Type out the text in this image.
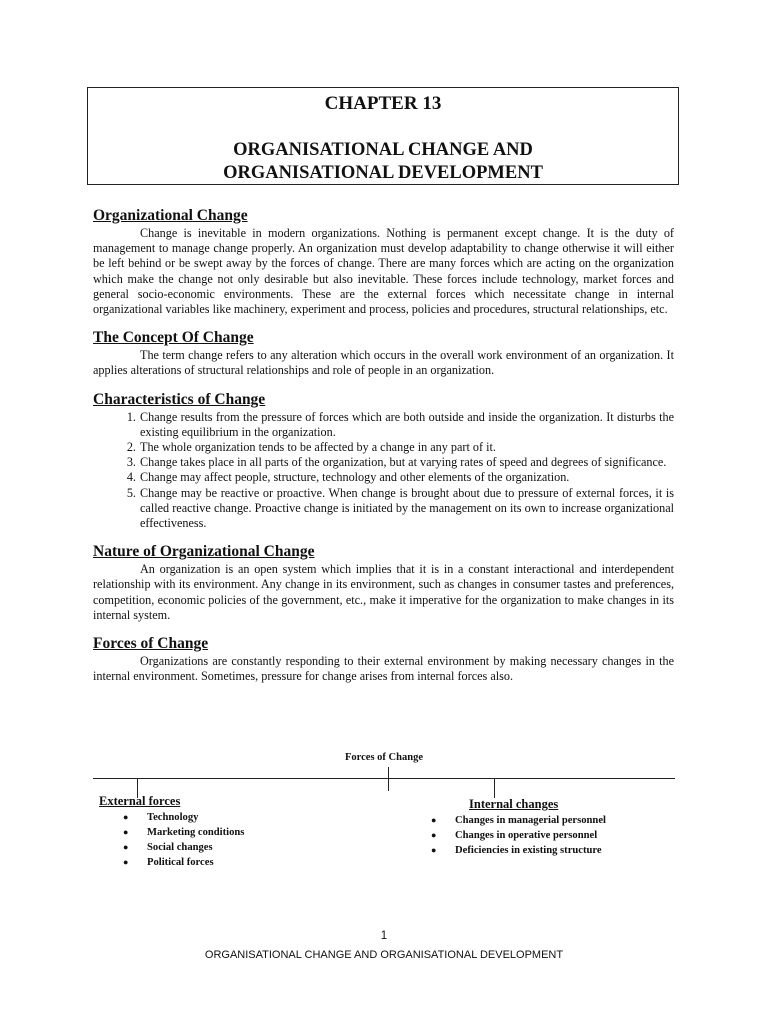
CHAPTER 13
ORGANISATIONAL CHANGE AND
ORGANISATIONAL DEVELOPMENT
Organizational Change

Change is inevitable in modern organizations. Nothing is permanent except change. It is the duty of management to manage change properly. An organization must develop adaptability to change otherwise it will either be left behind or be swept away by the forces of change. There are many forces which are acting on the organization which make the change not only desirable but also inevitable. These forces include technology, market forces and general socio-economic environments. These are the external forces which necessitate change in internal organizational variables like machinery, experiment and process, policies and procedures, structural relationships, etc.

The Concept Of Change

The term change refers to any alteration which occurs in the overall work environment of an organization. It applies alterations of structural relationships and role of people in an organization.

Characteristics of Change
1. Change results from the pressure of forces which are both outside and inside the organization. It disturbs the existing equilibrium in the organization.
2. The whole organization tends to be affected by a change in any part of it.
3. Change takes place in all parts of the organization, but at varying rates of speed and degrees of significance.
4. Change may affect people, structure, technology and other elements of the organization.
5. Change may be reactive or proactive. When change is brought about due to pressure of external forces, it is called reactive change. Proactive change is initiated by the management on its own to increase organizational effectiveness.
Nature of Organizational Change

An organization is an open system which implies that it is in a constant interactional and interdependent relationship with its environment. Any change in its environment, such as changes in consumer tastes and preferences, competition, economic policies of the government, etc., make it imperative for the organization to make changes in its internal system.

Forces of Change

Organizations are constantly responding to their external environment by making necessary changes in the internal environment. Sometimes, pressure for change arises from internal forces also.

Forces of Change
External forces
● Technology
● Marketing conditions
● Social changes
● Political forces
Internal changes
● Changes in managerial personnel
● Changes in operative personnel
● Deficiencies in existing structure
1
ORGANISATIONAL CHANGE AND ORGANISATIONAL DEVELOPMENT
